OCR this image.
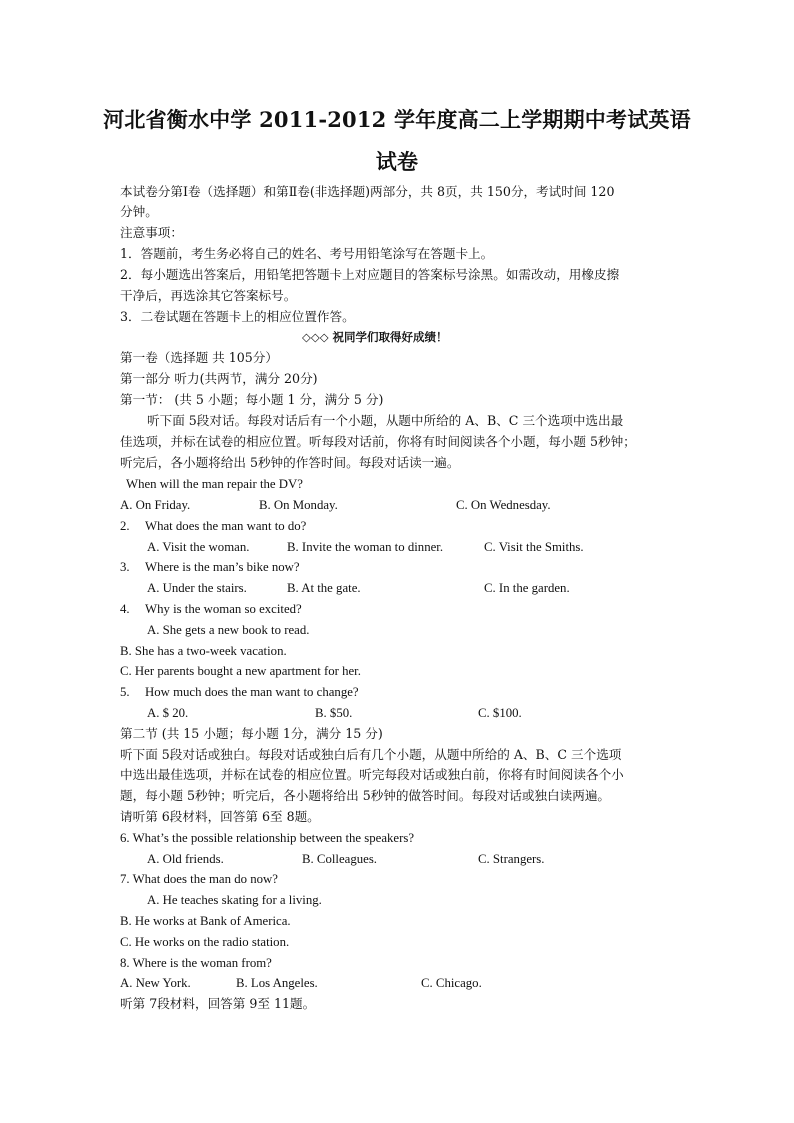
河北省衡水中学 2011-2012 学年度高二上学期期中考试英语
试卷
本试卷分第Ⅰ卷（选择题）和第Ⅱ卷(非选择题)两部分，共 8页，共 150分，考试时间 120
分钟。
注意事项：
1．答题前，考生务必将自己的姓名、考号用铅笔涂写在答题卡上。
2．每小题选出答案后，用铅笔把答题卡上对应题目的答案标号涂黑。如需改动，用橡皮擦
干净后，再选涂其它答案标号。
3．二卷试题在答题卡上的相应位置作答。
◇◇◇ 祝同学们取得好成绩！
第一卷（选择题 共 105分）
第一部分 听力(共两节，满分 20分)
第一节： (共 5 小题；每小题 1 分，满分 5 分)
听下面 5段对话。每段对话后有一个小题，从题中所给的 A、B、C 三个选项中选出最
佳选项，并标在试卷的相应位置。听每段对话前，你将有时间阅读各个小题，每小题 5秒钟；
听完后，各小题将给出 5秒钟的作答时间。每段对话读一遍。
When will the man repair the DV?
A. On Friday.	B. On Monday.	C. On Wednesday.
2. What does the man want to do?
A. Visit the woman.	B. Invite the woman to dinner.	C. Visit the Smiths.
3. Where is the man’s bike now?
A. Under the stairs.	B. At the gate.	C. In the garden.
4. Why is the woman so excited?
A. She gets a new book to read.
B. She has a two-week vacation.
C. Her parents bought a new apartment for her.
5. How much does the man want to change?
A. $ 20.	B. $50.	C. $100.
第二节 (共 15 小题；每小题 1分，满分 15 分)
听下面 5段对话或独白。每段对话或独白后有几个小题，从题中所给的 A、B、C 三个选项
中选出最佳选项，并标在试卷的相应位置。听完每段对话或独白前，你将有时间阅读各个小
题，每小题 5秒钟；听完后，各小题将给出 5秒钟的做答时间。每段对话或独白读两遍。
请听第 6段材料，回答第 6至 8题。
6. What’s the possible relationship between the speakers?
A. Old friends.	B. Colleagues.	C. Strangers.
7. What does the man do now?
A. He teaches skating for a living.
B. He works at Bank of America.
C. He works on the radio station.
8. Where is the woman from?
A. New York.	B. Los Angeles.	C. Chicago.
听第 7段材料，回答第 9至 11题。
